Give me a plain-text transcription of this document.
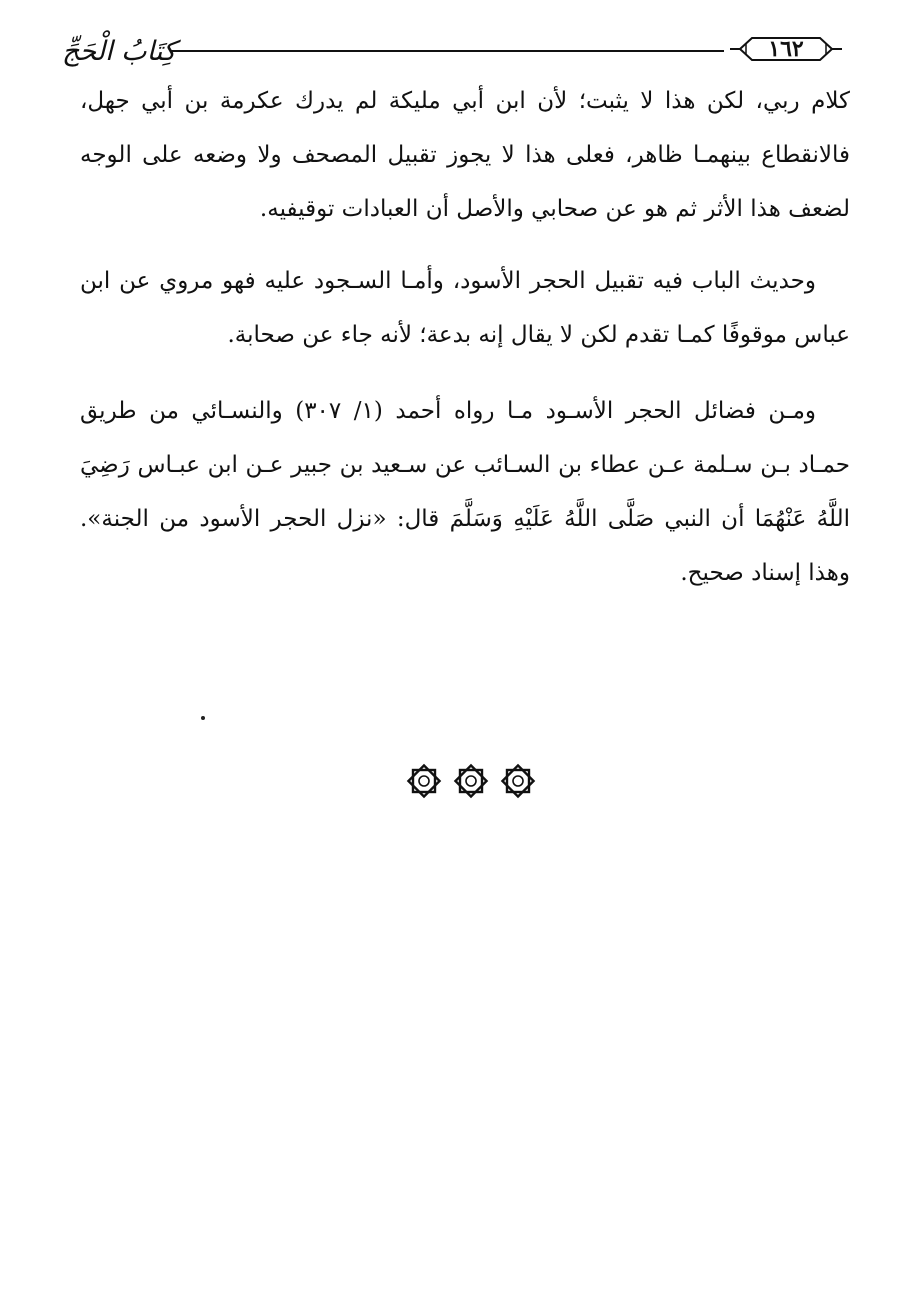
كِتَابُ الْحَجِّ	١٦٢

كلام ربي، لكن هذا لا يثبت؛ لأن ابن أبي مليكة لم يدرك عكرمة بن أبي جهل، فالانقطاع بينهمـا ظاهر، فعلى هذا لا يجوز تقبيل المصحف ولا وضعه على الوجه لضعف هذا الأثر ثم هو عن صحابي والأصل أن العبادات توقيفيه.

وحديث الباب فيه تقبيل الحجر الأسود، وأمـا السـجود عليه فهو مروي عن ابن عباس موقوفًا كمـا تقدم لكن لا يقال إنه بدعة؛ لأنه جاء عن صحابة.

ومـن فضائل الحجر الأسـود مـا رواه أحمد (١/ ٣٠٧) والنسـائي من طريق حمـاد بـن سـلمة عـن عطاء بن السـائب عن سـعيد بن جبير عـن ابن عبـاس رَضِيَ اللَّهُ عَنْهُمَا أن النبي صَلَّى اللَّهُ عَلَيْهِ وَسَلَّمَ قال: «نزل الحجر الأسود من الجنة». وهذا إسناد صحيح.
